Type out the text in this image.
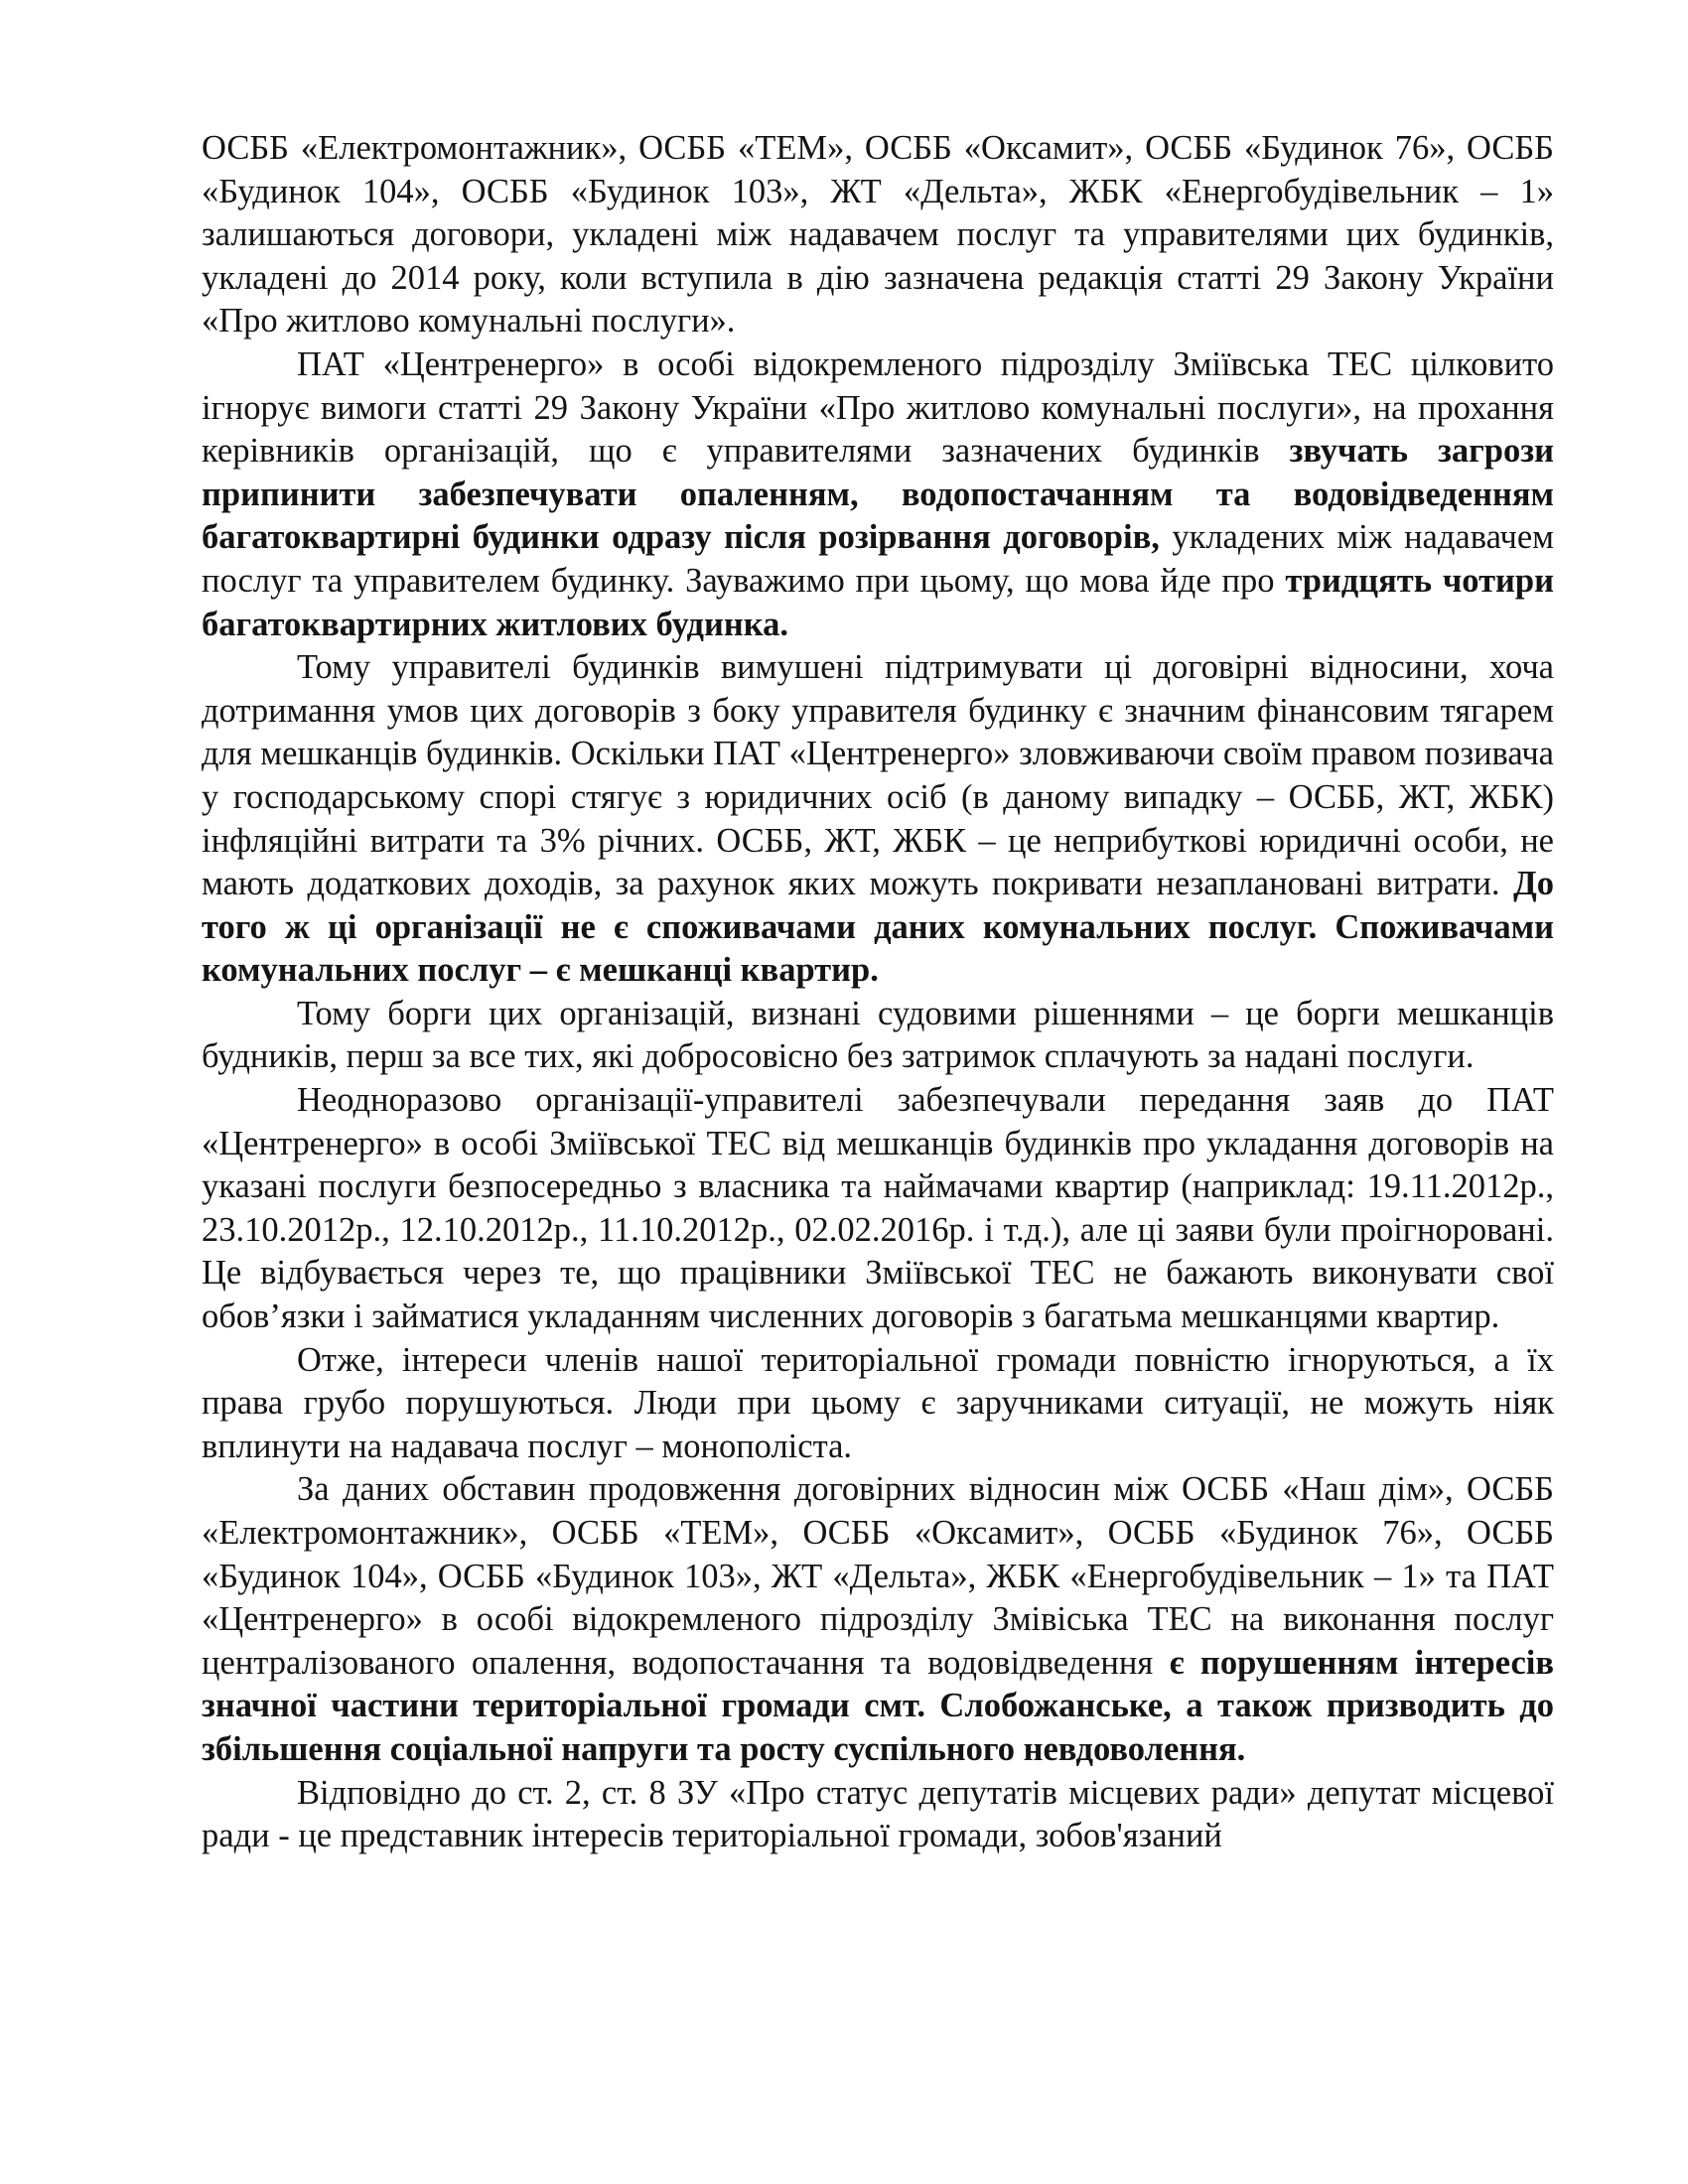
ОСББ «Електромонтажник», ОСББ «ТЕМ», ОСББ «Оксамит», ОСББ «Будинок 76», ОСББ «Будинок 104», ОСББ «Будинок 103», ЖТ «Дельта», ЖБК «Енергобудівельник – 1» залишаються договори, укладені між надавачем послуг та управителями цих будинків, укладені до 2014 року, коли вступила в дію зазначена редакція статті 29 Закону України «Про житлово комунальні послуги».

ПАТ «Центренерго» в особі відокремленого підрозділу Зміївська ТЕС цілковито ігнорує вимоги статті 29 Закону України «Про житлово комунальні послуги», на прохання керівників організацій, що є управителями зазначених будинків звучать загрози припинити забезпечувати опаленням, водопостачанням та водовідведенням багатоквартирні будинки одразу після розірвання договорів, укладених між надавачем послуг та управителем будинку. Зауважимо при цьому, що мова йде про тридцять чотири багатоквартирних житлових будинка.

Тому управителі будинків вимушені підтримувати ці договірні відносини, хоча дотримання умов цих договорів з боку управителя будинку є значним фінансовим тягарем для мешканців будинків. Оскільки ПАТ «Центренерго» зловживаючи своїм правом позивача у господарському спорі стягує з юридичних осіб (в даному випадку – ОСББ, ЖТ, ЖБК) інфляційні витрати та 3% річних. ОСББ, ЖТ, ЖБК – це неприбуткові юридичні особи, не мають додаткових доходів, за рахунок яких можуть покривати незаплановані витрати. До того ж ці організації не є споживачами даних комунальних послуг. Споживачами комунальних послуг – є мешканці квартир.

Тому борги цих організацій, визнані судовими рішеннями – це борги мешканців будників, перш за все тих, які добросовісно без затримок сплачують за надані послуги.

Неодноразово організації-управителі забезпечували передання заяв до ПАТ «Центренерго» в особі Зміївської ТЕС від мешканців будинків про укладання договорів на указані послуги безпосередньо з власника та наймачами квартир (наприклад: 19.11.2012р., 23.10.2012р., 12.10.2012р., 11.10.2012р., 02.02.2016р. і т.д.), але ці заяви були проігноровані. Це відбувається через те, що працівники Зміївської ТЕС не бажають виконувати свої обов’язки і займатися укладанням численних договорів з багатьма мешканцями квартир.

Отже, інтереси членів нашої територіальної громади повністю ігноруються, а їх права грубо порушуються. Люди при цьому є заручниками ситуації, не можуть ніяк вплинути на надавача послуг – монополіста.

За даних обставин продовження договірних відносин між ОСББ «Наш дім», ОСББ «Електромонтажник», ОСББ «ТЕМ», ОСББ «Оксамит», ОСББ «Будинок 76», ОСББ «Будинок 104», ОСББ «Будинок 103», ЖТ «Дельта», ЖБК «Енергобудівельник – 1» та ПАТ «Центренерго» в особі відокремленого підрозділу Змівіська ТЕС на виконання послуг централізованого опалення, водопостачання та водовідведення є порушенням інтересів значної частини територіальної громади смт. Слобожанське, а також призводить до збільшення соціальної напруги та росту суспільного невдоволення.

Відповідно до ст. 2, ст. 8 ЗУ «Про статус депутатів місцевих ради» депутат місцевої ради - це представник інтересів територіальної громади, зобов'язаний
